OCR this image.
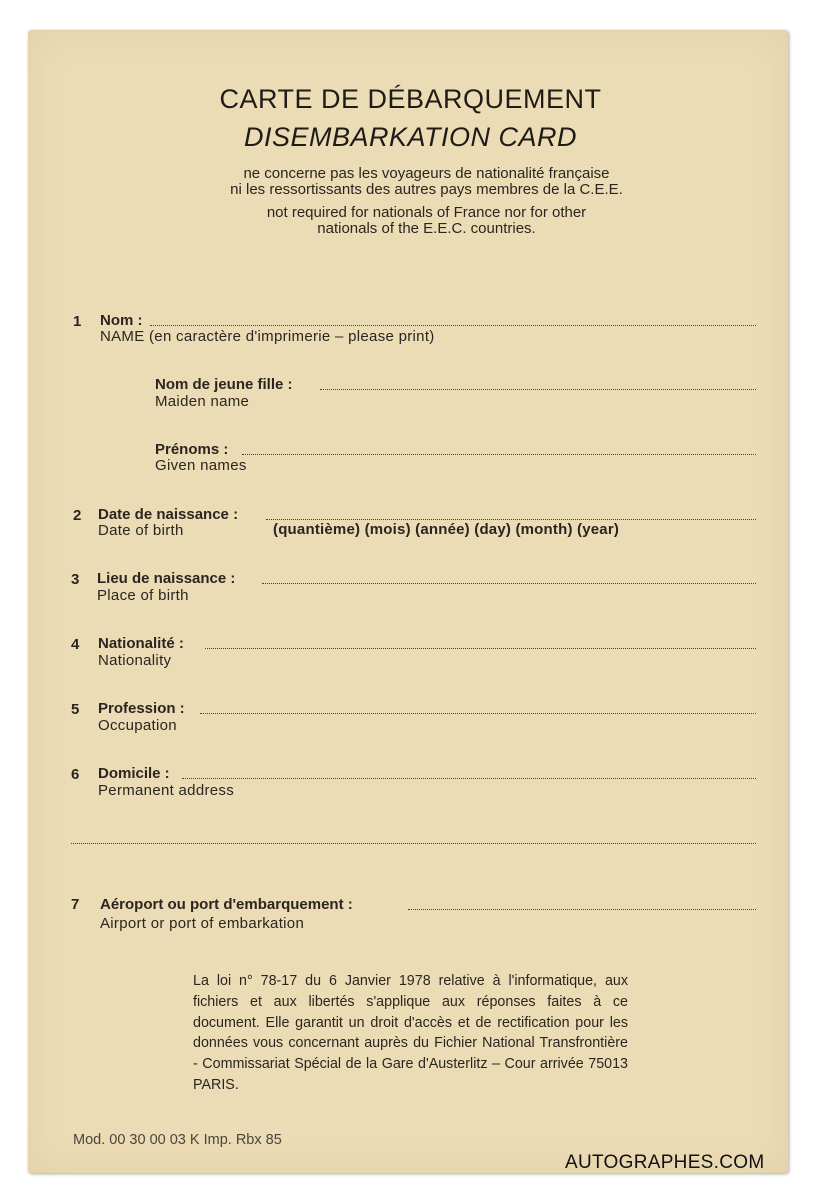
CARTE DE DÉBARQUEMENT
DISEMBARKATION CARD
ne concerne pas les voyageurs de nationalité française
ni les ressortissants des autres pays membres de la C.E.E.
not required for nationals of France nor for other
nationals of the E.E.C. countries.
1 Nom :
NAME (en caractère d'imprimerie – please print)
Nom de jeune fille :
Maiden name
Prénoms :
Given names
2 Date de naissance :
Date of birth	(quantième) (mois) (année) (day) (month) (year)
3 Lieu de naissance :
Place of birth
4 Nationalité :
Nationality
5 Profession :
Occupation
6 Domicile :
Permanent address
7 Aéroport ou port d'embarquement :
Airport or port of embarkation
La loi n° 78-17 du 6 Janvier 1978 relative à l'informatique, aux fichiers et aux libertés s'applique aux réponses faites à ce document. Elle garantit un droit d'accès et de rectification pour les données vous concernant auprès du Fichier National Transfrontière - Commissariat Spécial de la Gare d'Austerlitz – Cour arrivée 75013 PARIS.
Mod. 00 30 00 03 K Imp. Rbx 85
AUTOGRAPHES.COM
